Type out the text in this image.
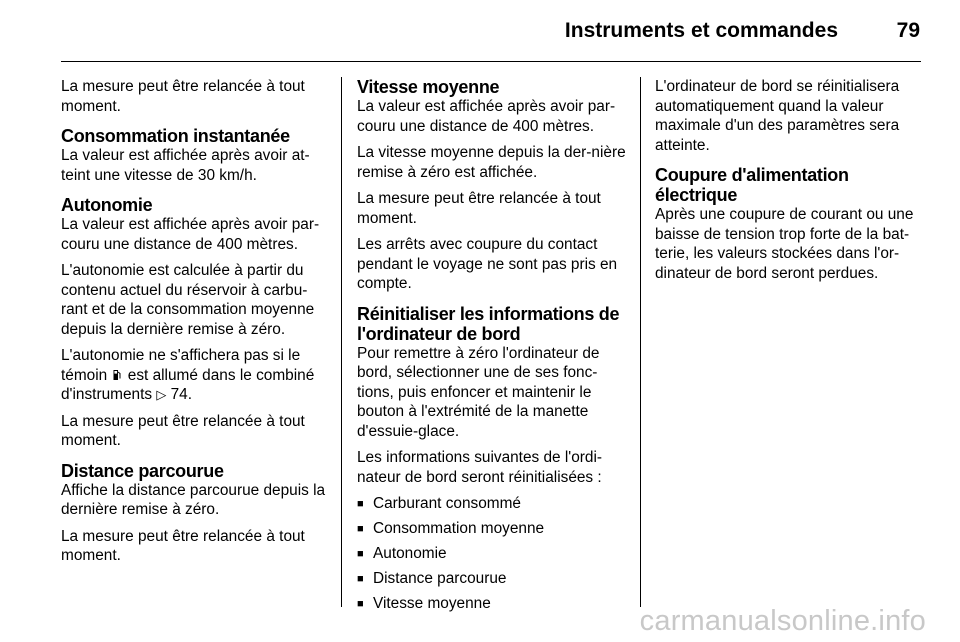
Instruments et commandes	79

La mesure peut être relancée à tout moment.

Consommation instantanée

La valeur est affichée après avoir at-teint une vitesse de 30 km/h.

Autonomie

La valeur est affichée après avoir par-couru une distance de 400 mètres.

L'autonomie est calculée à partir du contenu actuel du réservoir à carbu-rant et de la consommation moyenne depuis la dernière remise à zéro.

L'autonomie ne s'affichera pas si le témoin est allumé dans le combiné d'instruments ▷ 74.

La mesure peut être relancée à tout moment.

Distance parcourue

Affiche la distance parcourue depuis la dernière remise à zéro.

La mesure peut être relancée à tout moment.

Vitesse moyenne

La valeur est affichée après avoir par-couru une distance de 400 mètres.

La vitesse moyenne depuis la der-nière remise à zéro est affichée.

La mesure peut être relancée à tout moment.

Les arrêts avec coupure du contact pendant le voyage ne sont pas pris en compte.

Réinitialiser les informations de l'ordinateur de bord

Pour remettre à zéro l'ordinateur de bord, sélectionner une de ses fonc-tions, puis enfoncer et maintenir le bouton à l'extrémité de la manette d'essuie-glace.

Les informations suivantes de l'ordi-nateur de bord seront réinitialisées :

■ Carburant consommé
■ Consommation moyenne
■ Autonomie
■ Distance parcourue
■ Vitesse moyenne

L'ordinateur de bord se réinitialisera automatiquement quand la valeur maximale d'un des paramètres sera atteinte.

Coupure d'alimentation électrique

Après une coupure de courant ou une baisse de tension trop forte de la bat-terie, les valeurs stockées dans l'or-dinateur de bord seront perdues.

carmanualsonline.info
